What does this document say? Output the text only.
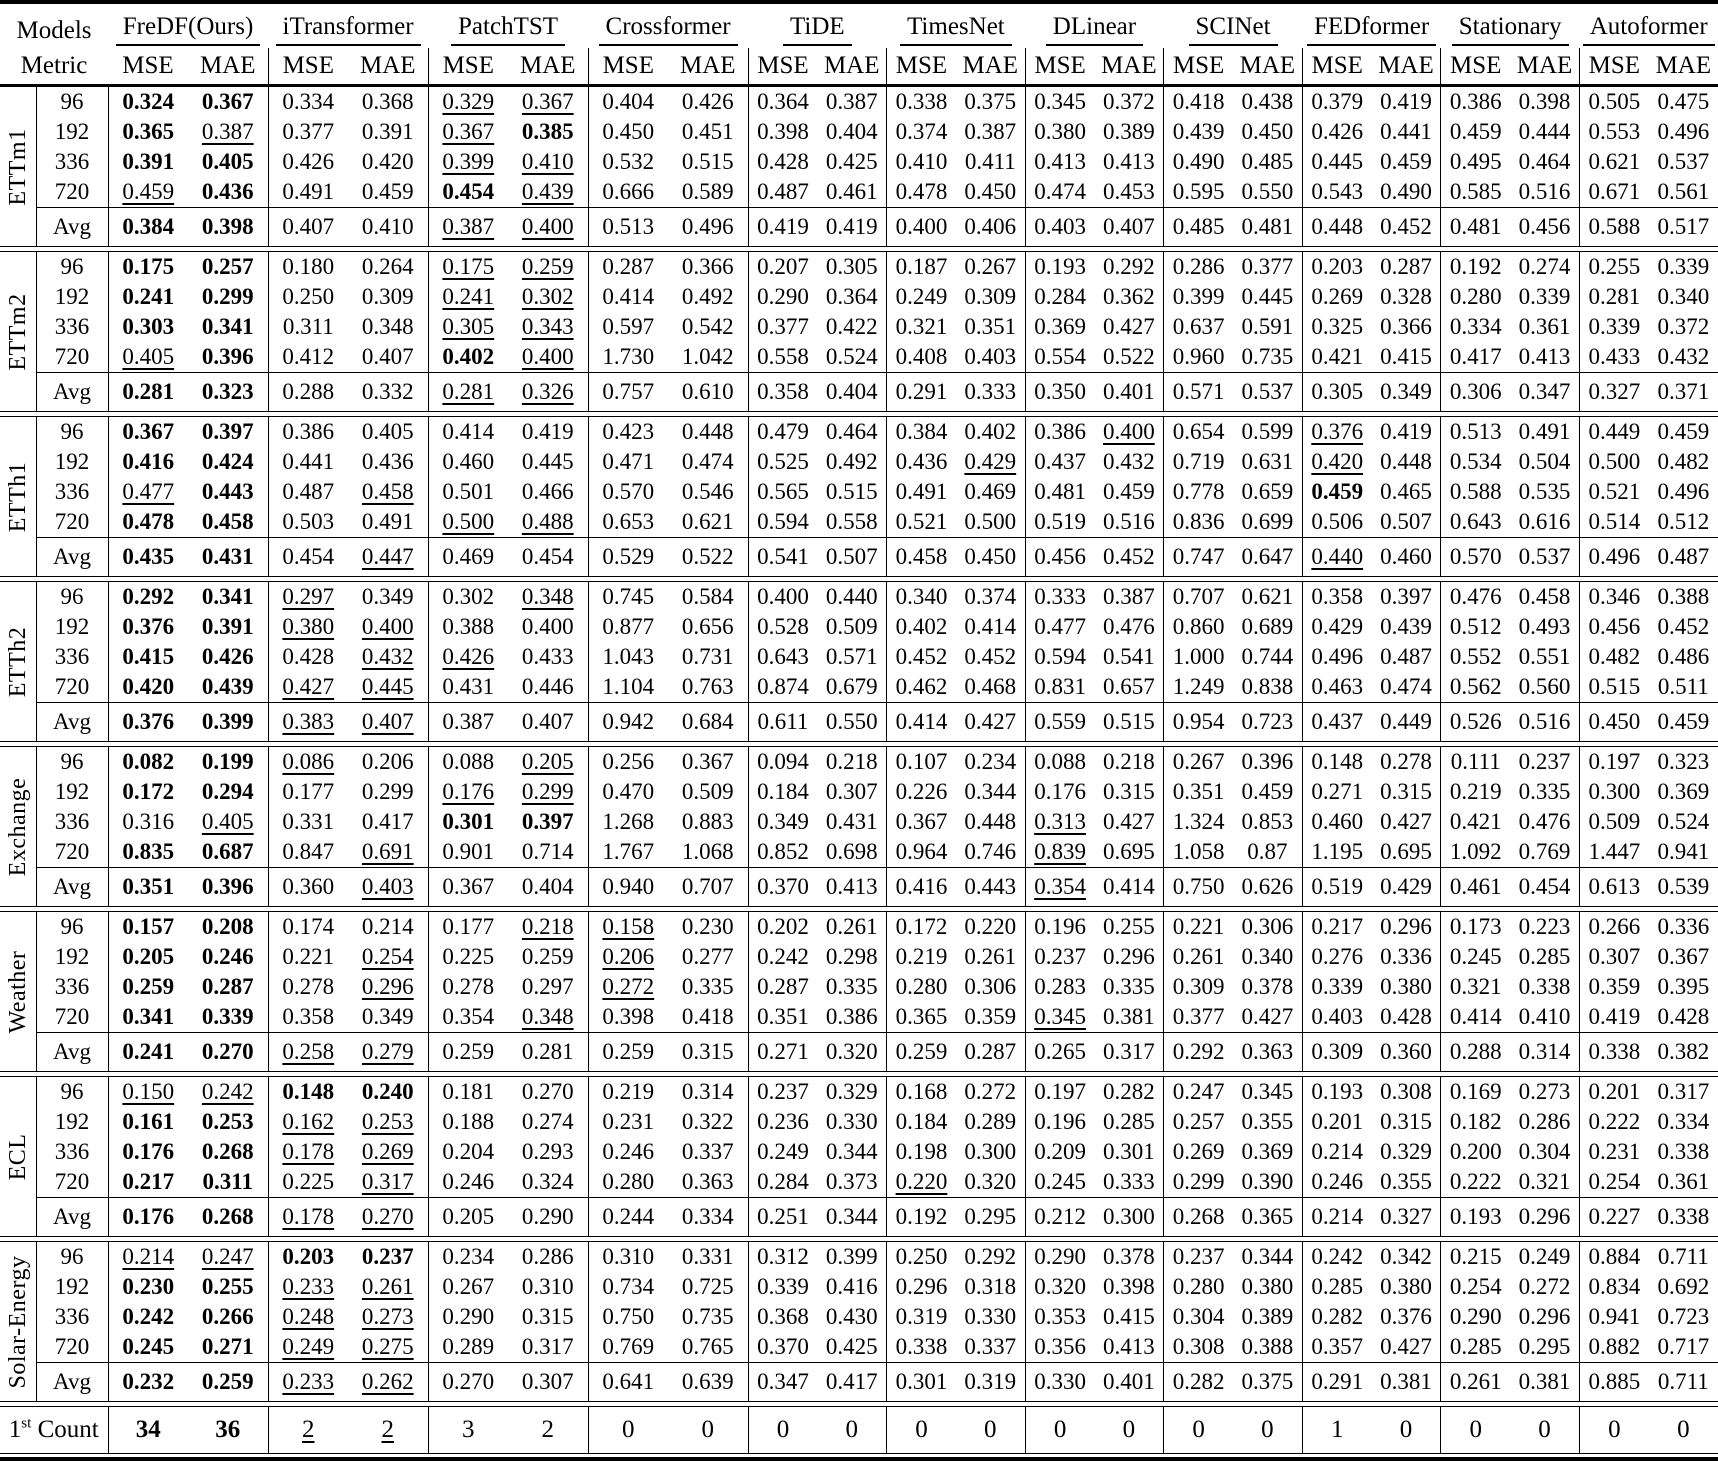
Models		FreDF(Ours)		iTransformer		PatchTST		Crossformer		TiDE		TimesNet		DLinear		SCINet		FEDformer		Stationary		Autoformer	
Metric		MSE	MAE	MSE	MAE	MSE	MAE	MSE	MAE	MSE	MAE	MSE	MAE	MSE	MAE	MSE	MAE	MSE	MAE	MSE	MAE	MSE	MAE

ETTm1	96	0.324	0.367	0.334	0.368	0.329	0.367	0.404	0.426	0.364	0.387	0.338	0.375	0.345	0.372	0.418	0.438	0.379	0.419	0.386	0.398	0.505	0.475
	192	0.365	0.387	0.377	0.391	0.367	0.385	0.450	0.451	0.398	0.404	0.374	0.387	0.380	0.389	0.439	0.450	0.426	0.441	0.459	0.444	0.553	0.496
	336	0.391	0.405	0.426	0.420	0.399	0.410	0.532	0.515	0.428	0.425	0.410	0.411	0.413	0.413	0.490	0.485	0.445	0.459	0.495	0.464	0.621	0.537
	720	0.459	0.436	0.491	0.459	0.454	0.439	0.666	0.589	0.487	0.461	0.478	0.450	0.474	0.453	0.595	0.550	0.543	0.490	0.585	0.516	0.671	0.561
	Avg	0.384	0.398	0.407	0.410	0.387	0.400	0.513	0.496	0.419	0.419	0.400	0.406	0.403	0.407	0.485	0.481	0.448	0.452	0.481	0.456	0.588	0.517

ETTm2	96	0.175	0.257	0.180	0.264	0.175	0.259	0.287	0.366	0.207	0.305	0.187	0.267	0.193	0.292	0.286	0.377	0.203	0.287	0.192	0.274	0.255	0.339
	192	0.241	0.299	0.250	0.309	0.241	0.302	0.414	0.492	0.290	0.364	0.249	0.309	0.284	0.362	0.399	0.445	0.269	0.328	0.280	0.339	0.281	0.340
	336	0.303	0.341	0.311	0.348	0.305	0.343	0.597	0.542	0.377	0.422	0.321	0.351	0.369	0.427	0.637	0.591	0.325	0.366	0.334	0.361	0.339	0.372
	720	0.405	0.396	0.412	0.407	0.402	0.400	1.730	1.042	0.558	0.524	0.408	0.403	0.554	0.522	0.960	0.735	0.421	0.415	0.417	0.413	0.433	0.432
	Avg	0.281	0.323	0.288	0.332	0.281	0.326	0.757	0.610	0.358	0.404	0.291	0.333	0.350	0.401	0.571	0.537	0.305	0.349	0.306	0.347	0.327	0.371

ETTh1	96	0.367	0.397	0.386	0.405	0.414	0.419	0.423	0.448	0.479	0.464	0.384	0.402	0.386	0.400	0.654	0.599	0.376	0.419	0.513	0.491	0.449	0.459
	192	0.416	0.424	0.441	0.436	0.460	0.445	0.471	0.474	0.525	0.492	0.436	0.429	0.437	0.432	0.719	0.631	0.420	0.448	0.534	0.504	0.500	0.482
	336	0.477	0.443	0.487	0.458	0.501	0.466	0.570	0.546	0.565	0.515	0.491	0.469	0.481	0.459	0.778	0.659	0.459	0.465	0.588	0.535	0.521	0.496
	720	0.478	0.458	0.503	0.491	0.500	0.488	0.653	0.621	0.594	0.558	0.521	0.500	0.519	0.516	0.836	0.699	0.506	0.507	0.643	0.616	0.514	0.512
	Avg	0.435	0.431	0.454	0.447	0.469	0.454	0.529	0.522	0.541	0.507	0.458	0.450	0.456	0.452	0.747	0.647	0.440	0.460	0.570	0.537	0.496	0.487

ETTh2	96	0.292	0.341	0.297	0.349	0.302	0.348	0.745	0.584	0.400	0.440	0.340	0.374	0.333	0.387	0.707	0.621	0.358	0.397	0.476	0.458	0.346	0.388
	192	0.376	0.391	0.380	0.400	0.388	0.400	0.877	0.656	0.528	0.509	0.402	0.414	0.477	0.476	0.860	0.689	0.429	0.439	0.512	0.493	0.456	0.452
	336	0.415	0.426	0.428	0.432	0.426	0.433	1.043	0.731	0.643	0.571	0.452	0.452	0.594	0.541	1.000	0.744	0.496	0.487	0.552	0.551	0.482	0.486
	720	0.420	0.439	0.427	0.445	0.431	0.446	1.104	0.763	0.874	0.679	0.462	0.468	0.831	0.657	1.249	0.838	0.463	0.474	0.562	0.560	0.515	0.511
	Avg	0.376	0.399	0.383	0.407	0.387	0.407	0.942	0.684	0.611	0.550	0.414	0.427	0.559	0.515	0.954	0.723	0.437	0.449	0.526	0.516	0.450	0.459

Exchange	96	0.082	0.199	0.086	0.206	0.088	0.205	0.256	0.367	0.094	0.218	0.107	0.234	0.088	0.218	0.267	0.396	0.148	0.278	0.111	0.237	0.197	0.323
	192	0.172	0.294	0.177	0.299	0.176	0.299	0.470	0.509	0.184	0.307	0.226	0.344	0.176	0.315	0.351	0.459	0.271	0.315	0.219	0.335	0.300	0.369
	336	0.316	0.405	0.331	0.417	0.301	0.397	1.268	0.883	0.349	0.431	0.367	0.448	0.313	0.427	1.324	0.853	0.460	0.427	0.421	0.476	0.509	0.524
	720	0.835	0.687	0.847	0.691	0.901	0.714	1.767	1.068	0.852	0.698	0.964	0.746	0.839	0.695	1.058	0.87	1.195	0.695	1.092	0.769	1.447	0.941
	Avg	0.351	0.396	0.360	0.403	0.367	0.404	0.940	0.707	0.370	0.413	0.416	0.443	0.354	0.414	0.750	0.626	0.519	0.429	0.461	0.454	0.613	0.539

Weather	96	0.157	0.208	0.174	0.214	0.177	0.218	0.158	0.230	0.202	0.261	0.172	0.220	0.196	0.255	0.221	0.306	0.217	0.296	0.173	0.223	0.266	0.336
	192	0.205	0.246	0.221	0.254	0.225	0.259	0.206	0.277	0.242	0.298	0.219	0.261	0.237	0.296	0.261	0.340	0.276	0.336	0.245	0.285	0.307	0.367
	336	0.259	0.287	0.278	0.296	0.278	0.297	0.272	0.335	0.287	0.335	0.280	0.306	0.283	0.335	0.309	0.378	0.339	0.380	0.321	0.338	0.359	0.395
	720	0.341	0.339	0.358	0.349	0.354	0.348	0.398	0.418	0.351	0.386	0.365	0.359	0.345	0.381	0.377	0.427	0.403	0.428	0.414	0.410	0.419	0.428
	Avg	0.241	0.270	0.258	0.279	0.259	0.281	0.259	0.315	0.271	0.320	0.259	0.287	0.265	0.317	0.292	0.363	0.309	0.360	0.288	0.314	0.338	0.382

ECL	96	0.150	0.242	0.148	0.240	0.181	0.270	0.219	0.314	0.237	0.329	0.168	0.272	0.197	0.282	0.247	0.345	0.193	0.308	0.169	0.273	0.201	0.317
	192	0.161	0.253	0.162	0.253	0.188	0.274	0.231	0.322	0.236	0.330	0.184	0.289	0.196	0.285	0.257	0.355	0.201	0.315	0.182	0.286	0.222	0.334
	336	0.176	0.268	0.178	0.269	0.204	0.293	0.246	0.337	0.249	0.344	0.198	0.300	0.209	0.301	0.269	0.369	0.214	0.329	0.200	0.304	0.231	0.338
	720	0.217	0.311	0.225	0.317	0.246	0.324	0.280	0.363	0.284	0.373	0.220	0.320	0.245	0.333	0.299	0.390	0.246	0.355	0.222	0.321	0.254	0.361
	Avg	0.176	0.268	0.178	0.270	0.205	0.290	0.244	0.334	0.251	0.344	0.192	0.295	0.212	0.300	0.268	0.365	0.214	0.327	0.193	0.296	0.227	0.338

Solar-Energy	96	0.214	0.247	0.203	0.237	0.234	0.286	0.310	0.331	0.312	0.399	0.250	0.292	0.290	0.378	0.237	0.344	0.242	0.342	0.215	0.249	0.884	0.711
	192	0.230	0.255	0.233	0.261	0.267	0.310	0.734	0.725	0.339	0.416	0.296	0.318	0.320	0.398	0.280	0.380	0.285	0.380	0.254	0.272	0.834	0.692
	336	0.242	0.266	0.248	0.273	0.290	0.315	0.750	0.735	0.368	0.430	0.319	0.330	0.353	0.415	0.304	0.389	0.282	0.376	0.290	0.296	0.941	0.723
	720	0.245	0.271	0.249	0.275	0.289	0.317	0.769	0.765	0.370	0.425	0.338	0.337	0.356	0.413	0.308	0.388	0.357	0.427	0.285	0.295	0.882	0.717
	Avg	0.232	0.259	0.233	0.262	0.270	0.307	0.641	0.639	0.347	0.417	0.301	0.319	0.330	0.401	0.282	0.375	0.291	0.381	0.261	0.381	0.885	0.711

1st Count		34	36	2	2	3	2	0	0	0	0	0	0	0	0	0	0	1	0	0	0	0	0
